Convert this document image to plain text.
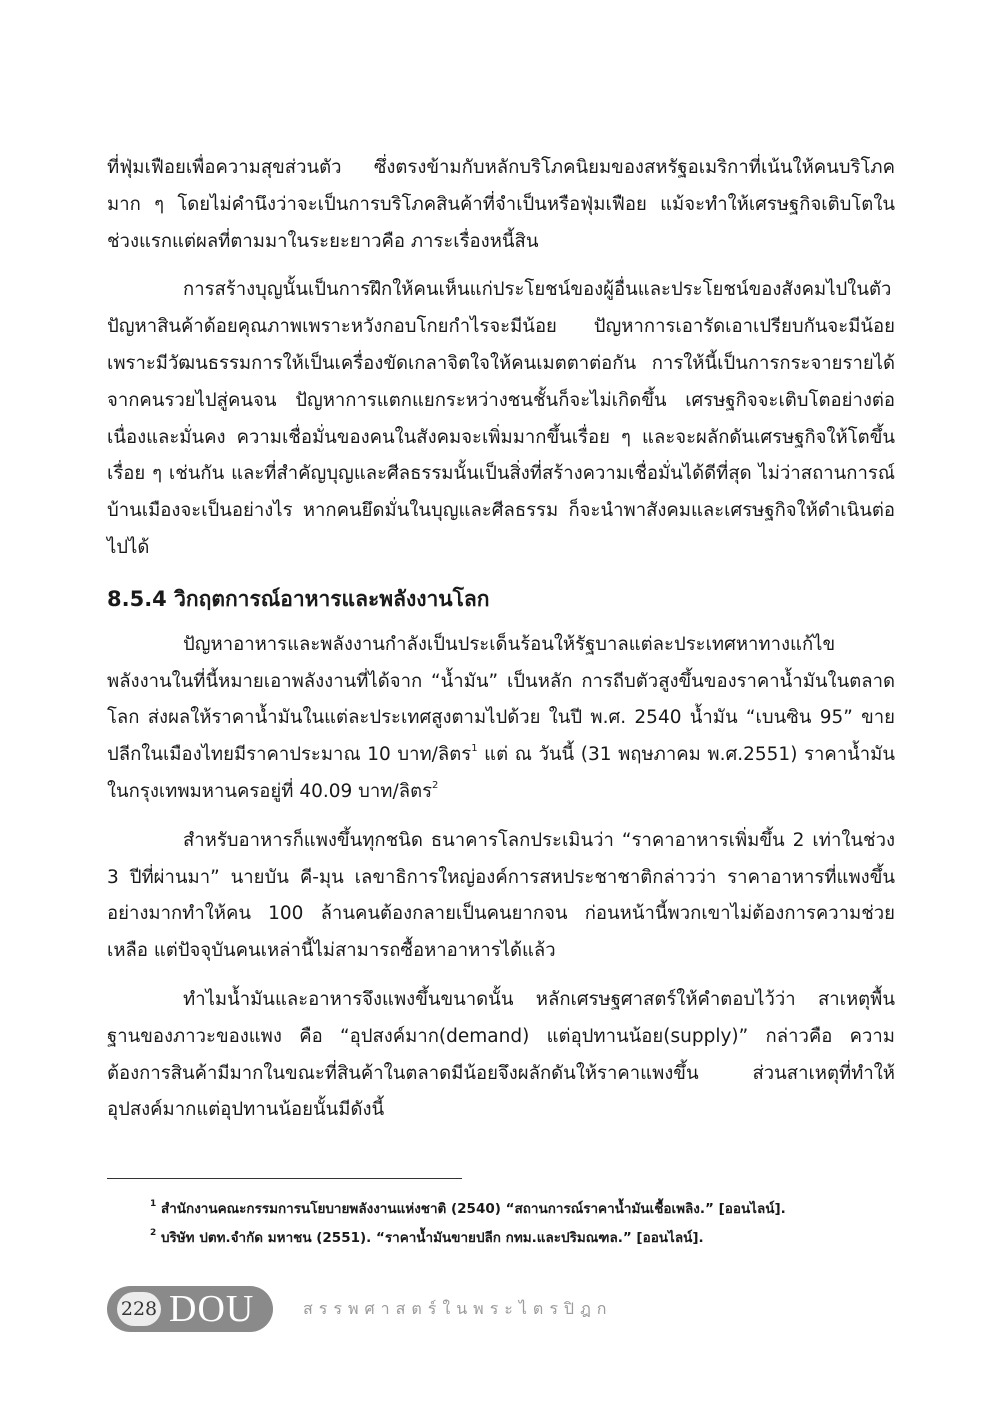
ที่ฟุ่มเฟือยเพื่อความสุขส่วนตัว ซึ่งตรงข้ามกับหลักบริโภคนิยมของสหรัฐอเมริกาที่เน้นให้คนบริโภคมาก ๆ โดยไม่คำนึงว่าจะเป็นการบริโภคสินค้าที่จำเป็นหรือฟุ่มเฟือย แม้จะทำให้เศรษฐกิจเติบโตในช่วงแรกแต่ผลที่ตามมาในระยะยาวคือ ภาระเรื่องหนี้สิน

การสร้างบุญนั้นเป็นการฝึกให้คนเห็นแก่ประโยชน์ของผู้อื่นและประโยชน์ของสังคมไปในตัว ปัญหาสินค้าด้อยคุณภาพเพราะหวังกอบโกยกำไรจะมีน้อย ปัญหาการเอารัดเอาเปรียบกันจะมีน้อย เพราะมีวัฒนธรรมการให้เป็นเครื่องขัดเกลาจิตใจให้คนเมตตาต่อกัน การให้นี้เป็นการกระจายรายได้จากคนรวยไปสู่คนจน ปัญหาการแตกแยกระหว่างชนชั้นก็จะไม่เกิดขึ้น เศรษฐกิจจะเติบโตอย่างต่อเนื่องและมั่นคง ความเชื่อมั่นของคนในสังคมจะเพิ่มมากขึ้นเรื่อย ๆ และจะผลักดันเศรษฐกิจให้โตขึ้นเรื่อย ๆ เช่นกัน และที่สำคัญบุญและศีลธรรมนั้นเป็นสิ่งที่สร้างความเชื่อมั่นได้ดีที่สุด ไม่ว่าสถานการณ์บ้านเมืองจะเป็นอย่างไร หากคนยึดมั่นในบุญและศีลธรรม ก็จะนำพาสังคมและเศรษฐกิจให้ดำเนินต่อไปได้

8.5.4 วิกฤตการณ์อาหารและพลังงานโลก

ปัญหาอาหารและพลังงานกำลังเป็นประเด็นร้อนให้รัฐบาลแต่ละประเทศหาทางแก้ไขพลังงานในที่นี้หมายเอาพลังงานที่ได้จาก “น้ำมัน” เป็นหลัก การถีบตัวสูงขึ้นของราคาน้ำมันในตลาดโลก ส่งผลให้ราคาน้ำมันในแต่ละประเทศสูงตามไปด้วย ในปี พ.ศ. 2540 น้ำมัน “เบนซิน 95” ขายปลีกในเมืองไทยมีราคาประมาณ 10 บาท/ลิตร$^1$ แต่ ณ วันนี้ (31 พฤษภาคม พ.ศ.2551) ราคาน้ำมันในกรุงเทพมหานครอยู่ที่ 40.09 บาท/ลิตร$^2$

สำหรับอาหารก็แพงขึ้นทุกชนิด ธนาคารโลกประเมินว่า “ราคาอาหารเพิ่มขึ้น 2 เท่าในช่วง 3 ปีที่ผ่านมา” นายบัน คี-มุน เลขาธิการใหญ่องค์การสหประชาชาติกล่าวว่า ราคาอาหารที่แพงขึ้นอย่างมากทำให้คน 100 ล้านคนต้องกลายเป็นคนยากจน ก่อนหน้านี้พวกเขาไม่ต้องการความช่วยเหลือ แต่ปัจจุบันคนเหล่านี้ไม่สามารถซื้อหาอาหารได้แล้ว

ทำไมน้ำมันและอาหารจึงแพงขึ้นขนาดนั้น หลักเศรษฐศาสตร์ให้คำตอบไว้ว่า สาเหตุพื้นฐานของภาวะของแพง คือ “อุปสงค์มาก(demand) แต่อุปทานน้อย(supply)” กล่าวคือ ความต้องการสินค้ามีมากในขณะที่สินค้าในตลาดมีน้อยจึงผลักดันให้ราคาแพงขึ้น ส่วนสาเหตุที่ทำให้อุปสงค์มากแต่อุปทานน้อยนั้นมีดังนี้

$^1$ สำนักงานคณะกรรมการนโยบายพลังงานแห่งชาติ (2540) “สถานการณ์ราคาน้ำมันเชื้อเพลิง.” [ออนไลน์].
$^2$ บริษัท ปตท.จำกัด มหาชน (2551). “ราคาน้ำมันขายปลีก กทม.และปริมณฑล.” [ออนไลน์].
228 DOU	สรรพศาสตร์ในพระไตรปิฎก
